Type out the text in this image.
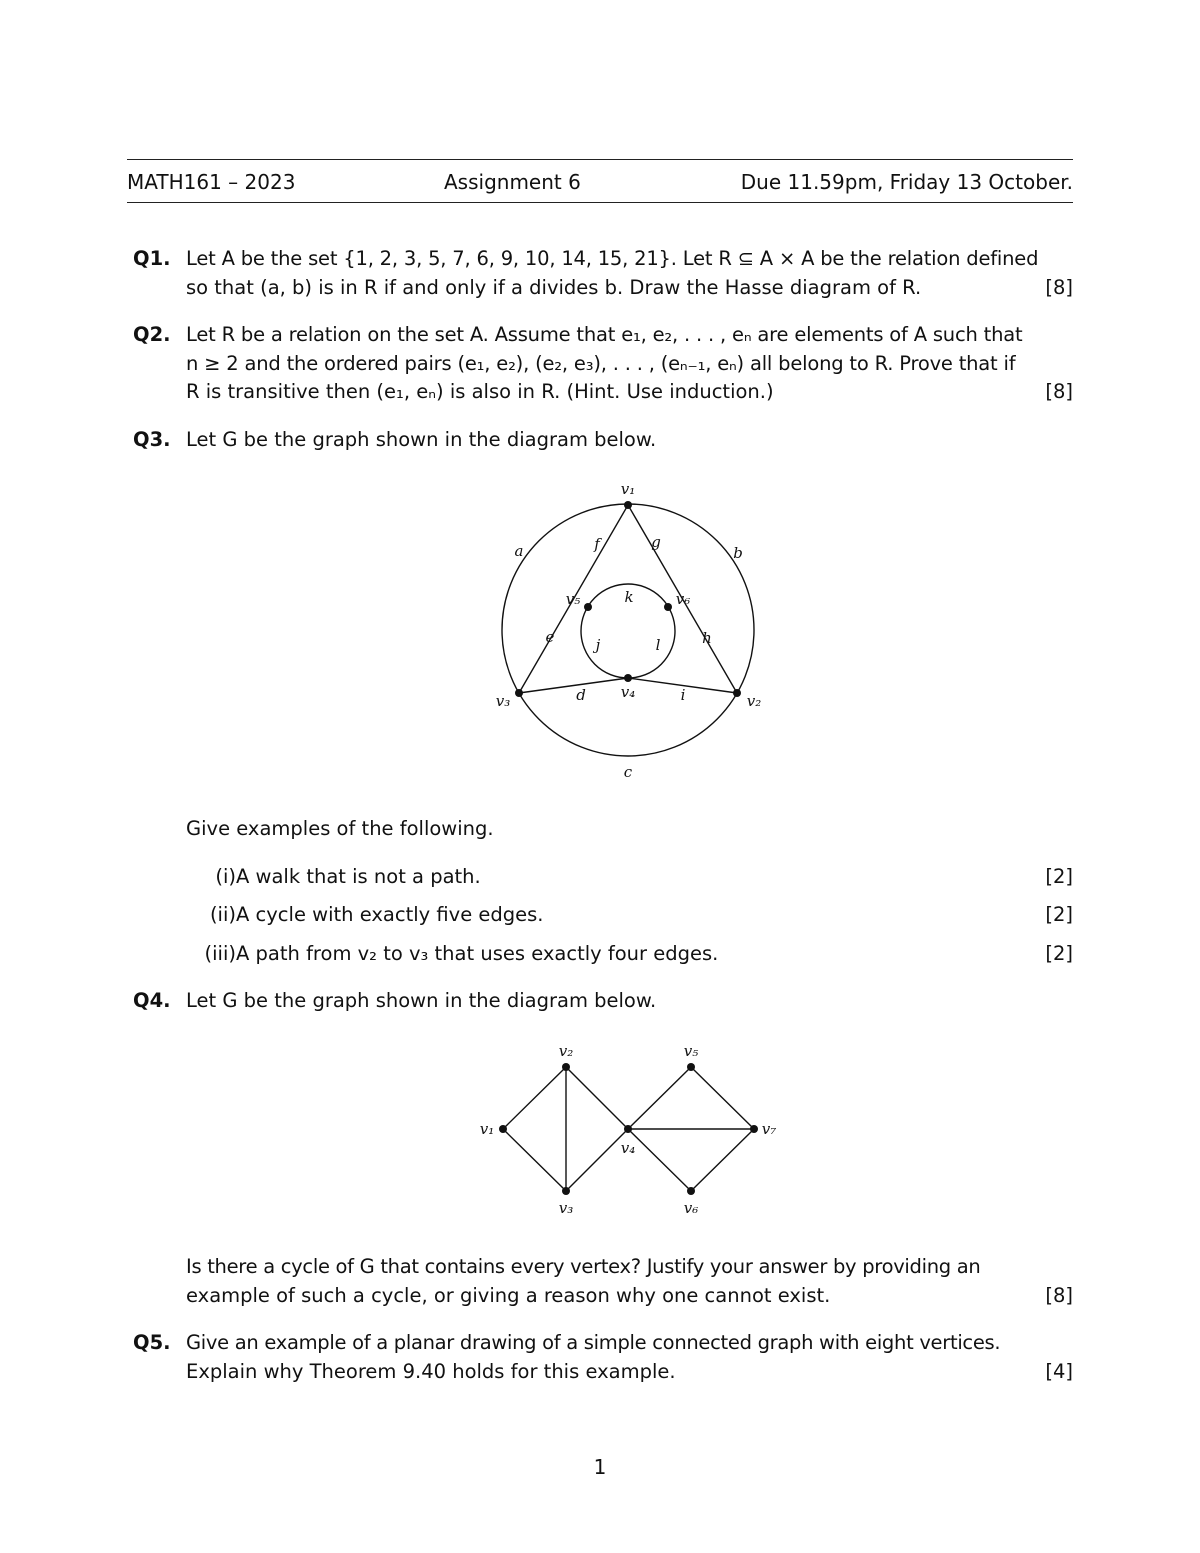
MATH161 – 2023	Assignment 6	Due 11.59pm, Friday 13 October.
Q1. Let A be the set {1, 2, 3, 5, 7, 6, 9, 10, 14, 15, 21}. Let R ⊆ A × A be the relation defined
so that (a, b) is in R if and only if a divides b. Draw the Hasse diagram of R.	[8]
Q2. Let R be a relation on the set A. Assume that e₁, e₂, . . . , eₙ are elements of A such that
n ≥ 2 and the ordered pairs (e₁, e₂), (e₂, e₃), . . . , (eₙ₋₁, eₙ) all belong to R. Prove that if
R is transitive then (e₁, eₙ) is also in R. (Hint. Use induction.)	[8]
Q3. Let G be the graph shown in the diagram below.
v₁
v₂
v₃	v₄
v₅	v₆
a	b
c
d
e
f	g
h
i
j
k
l
Give examples of the following.
(i) A walk that is not a path.	[2]
(ii) A cycle with exactly five edges.	[2]
(iii) A path from v₂ to v₃ that uses exactly four edges.	[2]
Q4. Let G be the graph shown in the diagram below.
v₁
v₂
v₃
v₄
v₅
v₆
v₇
Is there a cycle of G that contains every vertex? Justify your answer by providing an
example of such a cycle, or giving a reason why one cannot exist.	[8]
Q5. Give an example of a planar drawing of a simple connected graph with eight vertices.
Explain why Theorem 9.40 holds for this example.	[4]
1
